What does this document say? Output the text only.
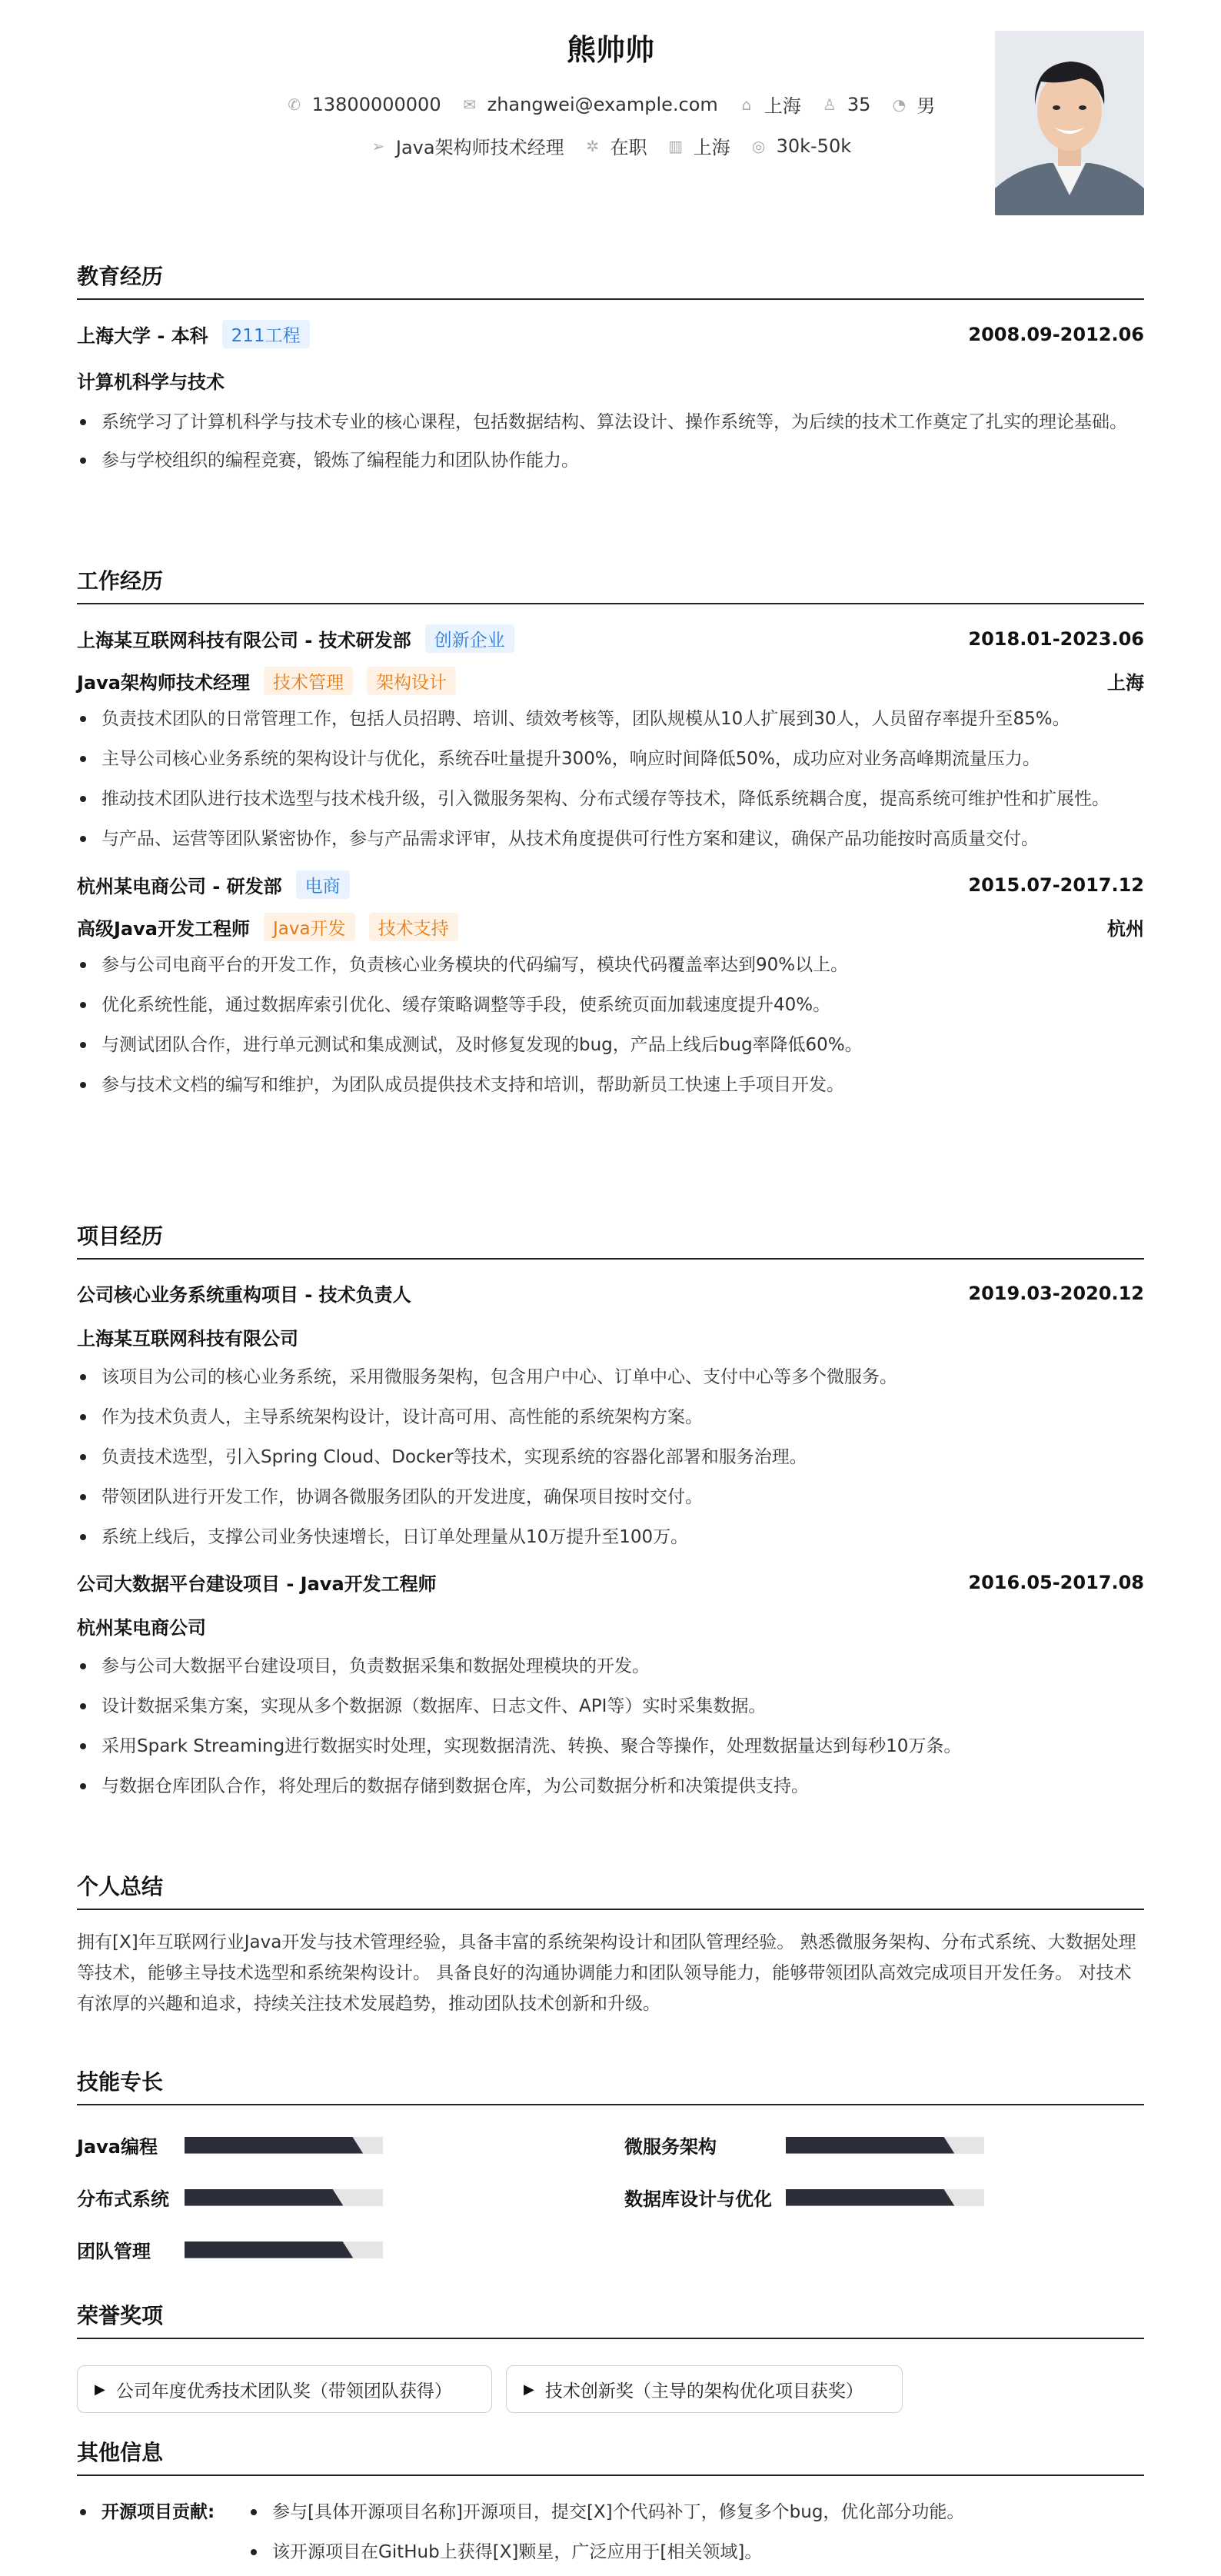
熊帅帅
✆ 13800000000 ✉ zhangwei@example.com ⌂ 上海 ♙ 35 ◔ 男
➢ Java架构师技术经理 ✲ 在职 ▥ 上海 ◎ 30k-50k
教育经历
上海大学 - 本科	211工程	2008.09-2012.06
计算机科学与技术
系统学习了计算机科学与技术专业的核心课程，包括数据结构、算法设计、操作系统等，为后续的技术工作奠定了扎实的理论基础。
参与学校组织的编程竞赛，锻炼了编程能力和团队协作能力。
工作经历
上海某互联网科技有限公司 - 技术研发部	创新企业	2018.01-2023.06
Java架构师技术经理	技术管理	架构设计	上海
负责技术团队的日常管理工作，包括人员招聘、培训、绩效考核等，团队规模从10人扩展到30人，人员留存率提升至85%。
主导公司核心业务系统的架构设计与优化，系统吞吐量提升300%，响应时间降低50%，成功应对业务高峰期流量压力。
推动技术团队进行技术选型与技术栈升级，引入微服务架构、分布式缓存等技术，降低系统耦合度，提高系统可维护性和扩展性。
与产品、运营等团队紧密协作，参与产品需求评审，从技术角度提供可行性方案和建议，确保产品功能按时高质量交付。
杭州某电商公司 - 研发部	电商	2015.07-2017.12
高级Java开发工程师	Java开发	技术支持	杭州
参与公司电商平台的开发工作，负责核心业务模块的代码编写，模块代码覆盖率达到90%以上。
优化系统性能，通过数据库索引优化、缓存策略调整等手段，使系统页面加载速度提升40%。
与测试团队合作，进行单元测试和集成测试，及时修复发现的bug，产品上线后bug率降低60%。
参与技术文档的编写和维护，为团队成员提供技术支持和培训，帮助新员工快速上手项目开发。
项目经历
公司核心业务系统重构项目 - 技术负责人	2019.03-2020.12
上海某互联网科技有限公司
该项目为公司的核心业务系统，采用微服务架构，包含用户中心、订单中心、支付中心等多个微服务。
作为技术负责人，主导系统架构设计，设计高可用、高性能的系统架构方案。
负责技术选型，引入Spring Cloud、Docker等技术，实现系统的容器化部署和服务治理。
带领团队进行开发工作，协调各微服务团队的开发进度，确保项目按时交付。
系统上线后，支撑公司业务快速增长，日订单处理量从10万提升至100万。
公司大数据平台建设项目 - Java开发工程师	2016.05-2017.08
杭州某电商公司
参与公司大数据平台建设项目，负责数据采集和数据处理模块的开发。
设计数据采集方案，实现从多个数据源（数据库、日志文件、API等）实时采集数据。
采用Spark Streaming进行数据实时处理，实现数据清洗、转换、聚合等操作，处理数据量达到每秒10万条。
与数据仓库团队合作，将处理后的数据存储到数据仓库，为公司数据分析和决策提供支持。
个人总结
拥有[X]年互联网行业Java开发与技术管理经验，具备丰富的系统架构设计和团队管理经验。 熟悉微服务架构、分布式系统、大数据处理等技术，能够主导技术选型和系统架构设计。 具备良好的沟通协调能力和团队领导能力，能够带领团队高效完成项目开发任务。 对技术有浓厚的兴趣和追求，持续关注技术发展趋势，推动团队技术创新和升级。
技能专长
Java编程	微服务架构
分布式系统	数据库设计与优化
团队管理
荣誉奖项
▶ 公司年度优秀技术团队奖（带领团队获得）	▶ 技术创新奖（主导的架构优化项目获奖）
其他信息
开源项目贡献:	参与[具体开源项目名称]开源项目，提交[X]个代码补丁，修复多个bug，优化部分功能。
该开源项目在GitHub上获得[X]颗星，广泛应用于[相关领域]。
